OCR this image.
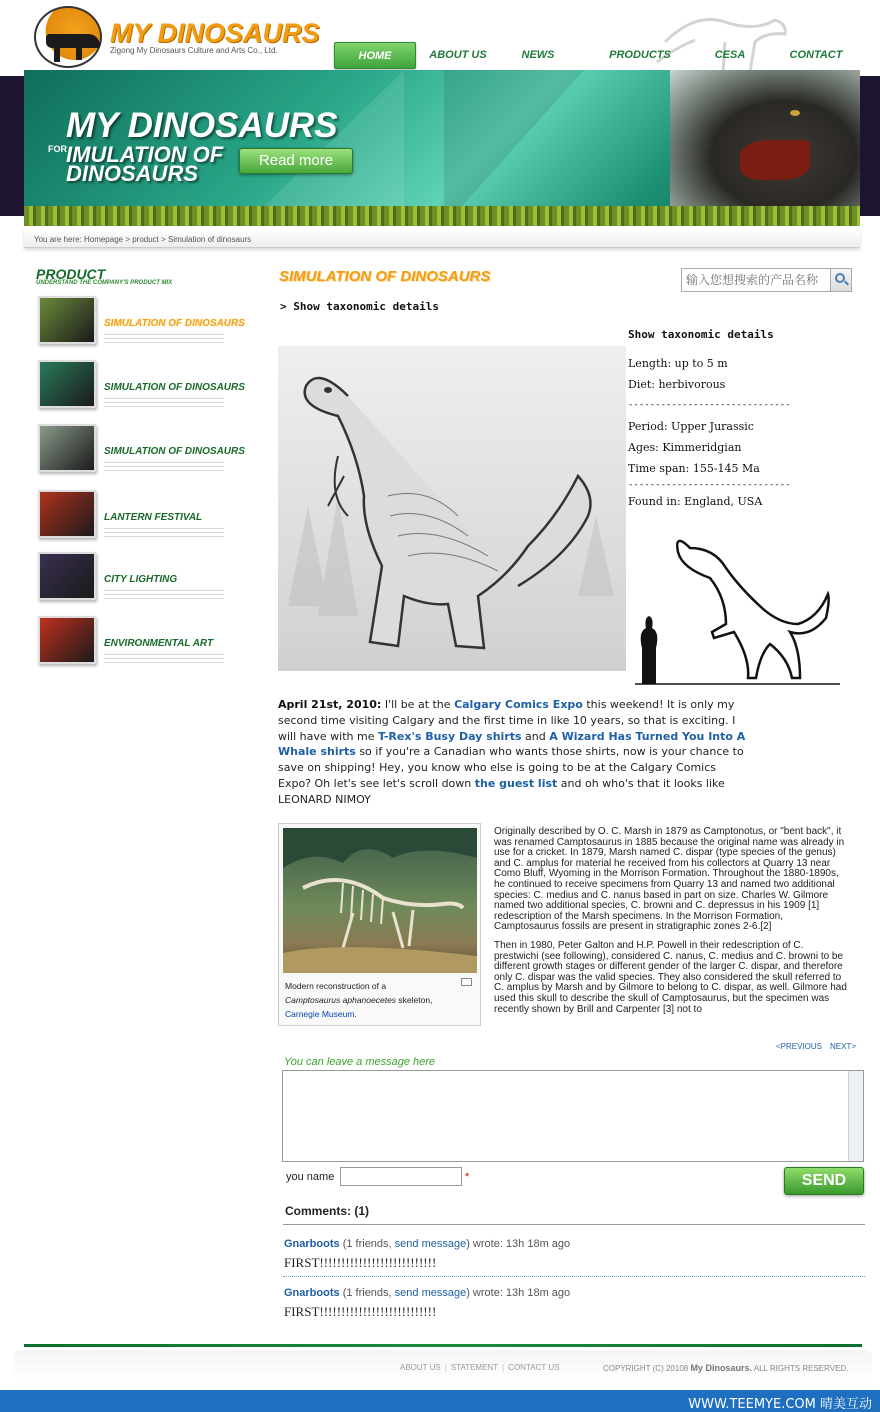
MY DINOSAURS
Zigong My Dinosaurs Culture and Arts Co., Ltd.	HOME	ABOUT US	NEWS	PRODUCTS	CESA	CONTACT
MY DINOSAURS
FOR IMULATION OF
DINOSAURS
Read more
You are here: Homepage > product > Simulation of dinosaurs
PRODUCT
UNDERSTAND THE COMPANY'S PRODUCT MIX
SIMULATION OF DINOSAURS
SIMULATION OF DINOSAURS
SIMULATION OF DINOSAURS
LANTERN FESTIVAL
CITY LIGHTING
ENVIRONMENTAL ART
SIMULATION OF DINOSAURS
输入您想搜索的产品名称
> Show taxonomic details
Show taxonomic details
Length: up to 5 m
Diet: herbivorous
------------------------------
Period: Upper Jurassic
Ages: Kimmeridgian
Time span: 155-145 Ma
------------------------------
Found in: England, USA
April 21st, 2010: I'll be at the Calgary Comics Expo this weekend! It is only my second time visiting Calgary and the first time in like 10 years, so that is exciting. I will have with me T-Rex's Busy Day shirts and A Wizard Has Turned You Into A Whale shirts so if you're a Canadian who wants those shirts, now is your chance to save on shipping! Hey, you know who else is going to be at the Calgary Comics Expo? Oh let's see let's scroll down the guest list and oh who's that it looks like LEONARD NIMOY
Modern reconstruction of a
Camptosaurus aphanoecetes skeleton,
Carnegie Museum.

Originally described by O. C. Marsh in 1879 as Camptonotus, or "bent back", it was renamed Camptosaurus in 1885 because the original name was already in use for a cricket. In 1879, Marsh named C. dispar (type species of the genus) and C. amplus for material he received from his collectors at Quarry 13 near Como Bluff, Wyoming in the Morrison Formation. Throughout the 1880-1890s, he continued to receive specimens from Quarry 13 and named two additional species: C. medius and C. nanus based in part on size. Charles W. Gilmore named two additional species, C. browni and C. depressus in his 1909 [1] redescription of the Marsh specimens. In the Morrison Formation, Camptosaurus fossils are present in stratigraphic zones 2-6.[2]

Then in 1980, Peter Galton and H.P. Powell in their redescription of C. prestwichi (see following), considered C. nanus, C. medius and C. browni to be different growth stages or different gender of the larger C. dispar, and therefore only C. dispar was the valid species. They also considered the skull referred to C. amplus by Marsh and by Gilmore to belong to C. dispar, as well. Gilmore had used this skull to describe the skull of Camptosaurus, but the specimen was recently shown by Brill and Carpenter [3] not to

<PREVIOUS NEXT>
You can leave a message here
you name	*	SEND
Comments: (1)
Gnarboots (1 friends, send message) wrote: 13h 18m ago
FIRST!!!!!!!!!!!!!!!!!!!!!!!!!!!
Gnarboots (1 friends, send message) wrote: 13h 18m ago
FIRST!!!!!!!!!!!!!!!!!!!!!!!!!!!
ABOUT US | STATEMENT | CONTACT US	COPYRIGHT (C) 20108 My Dinosaurs. ALL RIGHTS RESERVED.
WWW.TEEMYE.COM 晴美互动
